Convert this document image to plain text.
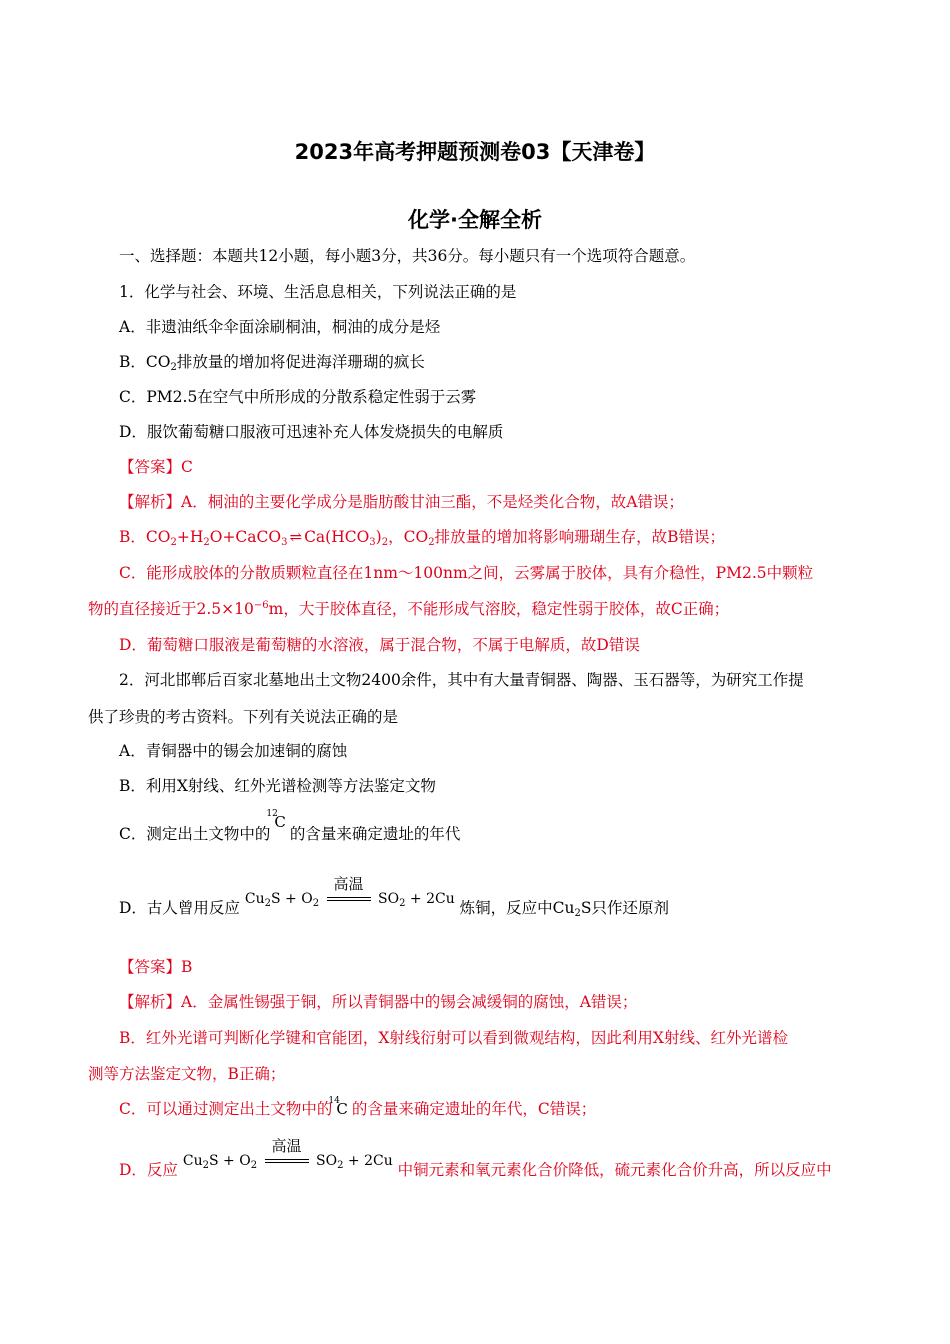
2023年高考押题预测卷03【天津卷】
化学·全解全析
一、选择题：本题共12小题，每小题3分，共36分。每小题只有一个选项符合题意。
1．化学与社会、环境、生活息息相关，下列说法正确的是
A．非遗油纸伞伞面涂刷桐油，桐油的成分是烃
B．$CO_2$排放量的增加将促进海洋珊瑚的疯长
C．PM2.5在空气中所形成的分散系稳定性弱于云雾
D．服饮葡萄糖口服液可迅速补充人体发烧损失的电解质
【答案】C
【解析】A．桐油的主要化学成分是脂肪酸甘油三酯，不是烃类化合物，故A错误；
B．$CO_2+H_2O+CaCO_3$ ⇌ $Ca(HCO_3)_2$，$CO_2$排放量的增加将影响珊瑚生存，故B错误；
C．能形成胶体的分散质颗粒直径在1nm～100nm之间，云雾属于胶体，具有介稳性，PM2.5中颗粒
物的直径接近于$2.5\times 10^{-6}m$，大于胶体直径，不能形成气溶胶，稳定性弱于胶体，故C正确；
D．葡萄糖口服液是葡萄糖的水溶液，属于混合物，不属于电解质，故D错误
2．河北邯郸后百家北墓地出土文物2400余件，其中有大量青铜器、陶器、玉石器等，为研究工作提
供了珍贵的考古资料。下列有关说法正确的是
A．青铜器中的锡会加速铜的腐蚀
B．利用X射线、红外光谱检测等方法鉴定文物
C．测定出土文物中的
12
C的含量来确定遗址的年代
D．古人曾用反应 $Cu_2S + O_2$
高温
$SO_2 + 2Cu$ 炼铜，反应中$Cu_2S$只作还原剂
【答案】B
【解析】A．金属性锡强于铜，所以青铜器中的锡会减缓铜的腐蚀，A错误；
B．红外光谱可判断化学键和官能团，X射线衍射可以看到微观结构，因此利用X射线、红外光谱检
测等方法鉴定文物，B正确；
C．可以通过测定出土文物中的
14
C 的含量来确定遗址的年代，C错误；
D．反应 $Cu_2S + O_2$
高温
$SO_2 + 2Cu$ 中铜元素和氧元素化合价降低，硫元素化合价升高，所以反应中
